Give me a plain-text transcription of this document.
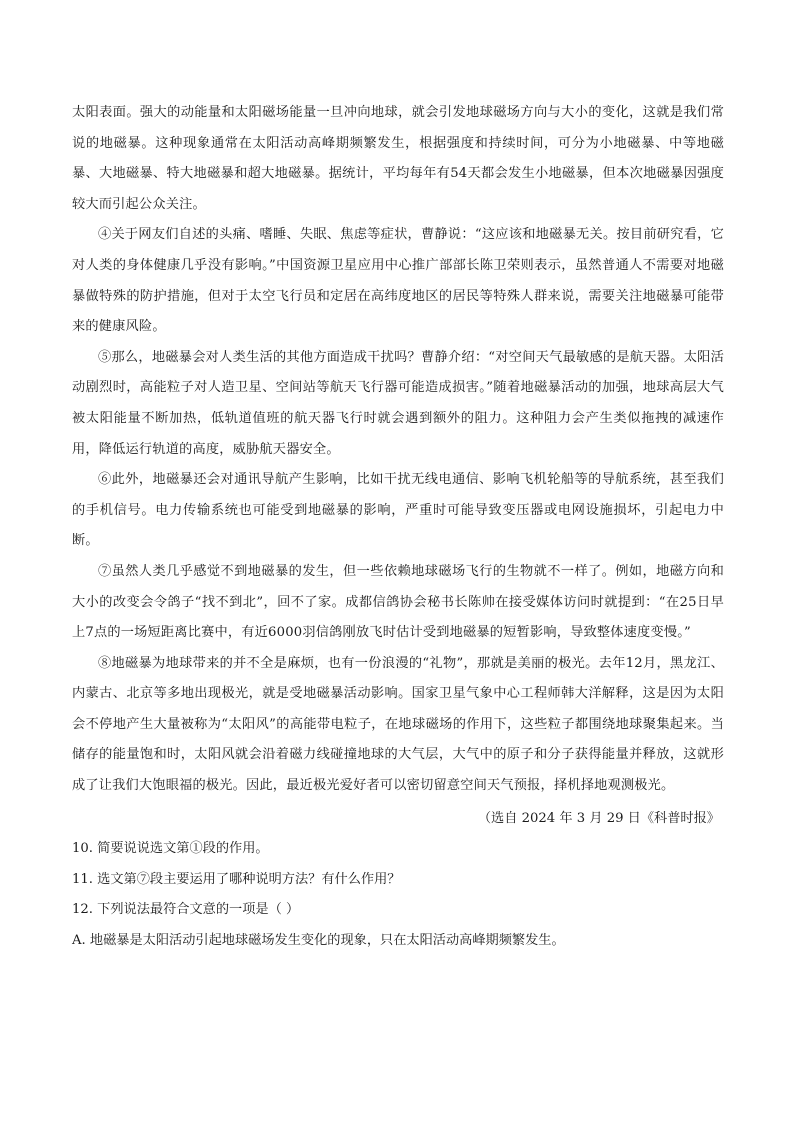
太阳表面。强大的动能量和太阳磁场能量一旦冲向地球，就会引发地球磁场方向与大小的变化，这就是我们常说的地磁暴。这种现象通常在太阳活动高峰期频繁发生，根据强度和持续时间，可分为小地磁暴、中等地磁暴、大地磁暴、特大地磁暴和超大地磁暴。据统计，平均每年有54天都会发生小地磁暴，但本次地磁暴因强度较大而引起公众关注。

④关于网友们自述的头痛、嗜睡、失眠、焦虑等症状，曹静说：“这应该和地磁暴无关。按目前研究看，它对人类的身体健康几乎没有影响。”中国资源卫星应用中心推广部部长陈卫荣则表示，虽然普通人不需要对地磁暴做特殊的防护措施，但对于太空飞行员和定居在高纬度地区的居民等特殊人群来说，需要关注地磁暴可能带来的健康风险。

⑤那么，地磁暴会对人类生活的其他方面造成干扰吗？曹静介绍：“对空间天气最敏感的是航天器。太阳活动剧烈时，高能粒子对人造卫星、空间站等航天飞行器可能造成损害。”随着地磁暴活动的加强，地球高层大气被太阳能量不断加热，低轨道值班的航天器飞行时就会遇到额外的阻力。这种阻力会产生类似拖拽的减速作用，降低运行轨道的高度，威胁航天器安全。

⑥此外，地磁暴还会对通讯导航产生影响，比如干扰无线电通信、影响飞机轮船等的导航系统，甚至我们的手机信号。电力传输系统也可能受到地磁暴的影响，严重时可能导致变压器或电网设施损坏，引起电力中断。

⑦虽然人类几乎感觉不到地磁暴的发生，但一些依赖地球磁场飞行的生物就不一样了。例如，地磁方向和大小的改变会令鸽子“找不到北”，回不了家。成都信鸽协会秘书长陈帅在接受媒体访问时就提到：“在25日早上7点的一场短距离比赛中，有近6000羽信鸽刚放飞时估计受到地磁暴的短暂影响，导致整体速度变慢。”

⑧地磁暴为地球带来的并不全是麻烦，也有一份浪漫的“礼物”，那就是美丽的极光。去年12月，黑龙江、内蒙古、北京等多地出现极光，就是受地磁暴活动影响。国家卫星气象中心工程师韩大洋解释，这是因为太阳会不停地产生大量被称为“太阳风”的高能带电粒子，在地球磁场的作用下，这些粒子都围绕地球聚集起来。当储存的能量饱和时，太阳风就会沿着磁力线碰撞地球的大气层，大气中的原子和分子获得能量并释放，这就形成了让我们大饱眼福的极光。因此，最近极光爱好者可以密切留意空间天气预报，择机择地观测极光。

（选自 2024 年 3 月 29 日《科普时报》

10. 简要说说选文第①段的作用。

11. 选文第⑦段主要运用了哪种说明方法？有什么作用？

12. 下列说法最符合文意的一项是（ ）

A. 地磁暴是太阳活动引起地球磁场发生变化的现象，只在太阳活动高峰期频繁发生。
